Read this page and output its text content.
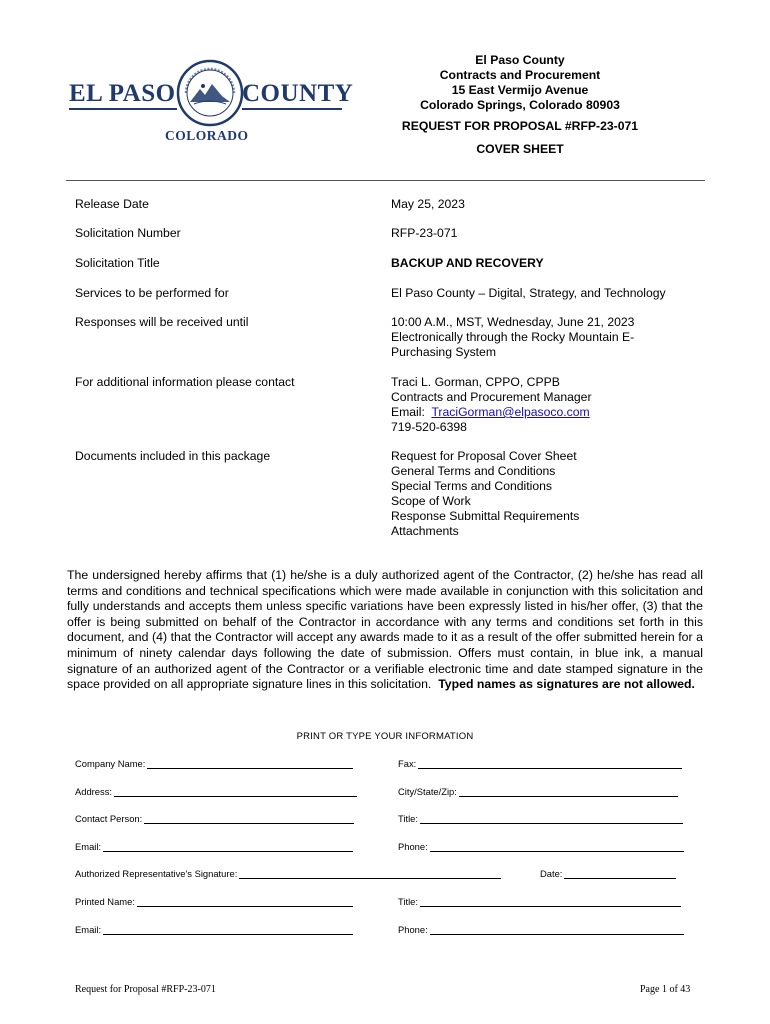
EL PASO	COUNTY
COLORADO
El Paso County
Contracts and Procurement
15 East Vermijo Avenue
Colorado Springs, Colorado 80903
REQUEST FOR PROPOSAL #RFP-23-071
COVER SHEET
Release Date	May 25, 2023
Solicitation Number	RFP-23-071
Solicitation Title	BACKUP AND RECOVERY
Services to be performed for	El Paso County – Digital, Strategy, and Technology
Responses will be received until	10:00 A.M., MST, Wednesday, June 21, 2023
Electronically through the Rocky Mountain E-
Purchasing System
For additional information please contact	Traci L. Gorman, CPPO, CPPB
Contracts and Procurement Manager
Email: TraciGorman@elpasoco.com
719-520-6398
Documents included in this package	Request for Proposal Cover Sheet
General Terms and Conditions
Special Terms and Conditions
Scope of Work
Response Submittal Requirements
Attachments
The undersigned hereby affirms that (1) he/she is a duly authorized agent of the Contractor, (2) he/she has read all terms and conditions and technical specifications which were made available in conjunction with this solicitation and fully understands and accepts them unless specific variations have been expressly listed in his/her offer, (3) that the offer is being submitted on behalf of the Contractor in accordance with any terms and conditions set forth in this document, and (4) that the Contractor will accept any awards made to it as a result of the offer submitted herein for a minimum of ninety calendar days following the date of submission. Offers must contain, in blue ink, a manual signature of an authorized agent of the Contractor or a verifiable electronic time and date stamped signature in the space provided on all appropriate signature lines in this solicitation. Typed names as signatures are not allowed.
PRINT OR TYPE YOUR INFORMATION
Company Name:	Fax:
Address:	City/State/Zip:
Contact Person:	Title:
Email:	Phone:
Authorized Representative's Signature:	Date:
Printed Name:	Title:
Email:	Phone:
Request for Proposal #RFP-23-071	Page 1 of 43
